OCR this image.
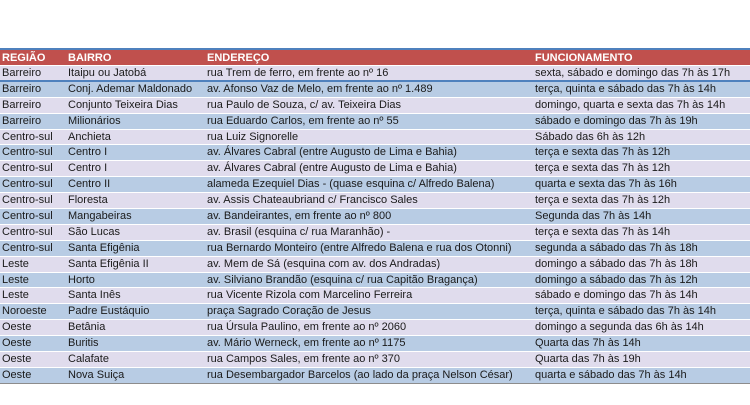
REGIÃO	BAIRRO	ENDEREÇO	FUNCIONAMENTO
Barreiro	Itaipu ou Jatobá	rua Trem de ferro, em frente ao nº 16	sexta, sábado e domingo das 7h às 17h
Barreiro	Conj. Ademar Maldonado	av. Afonso Vaz de Melo, em frente ao nº 1.489	terça, quinta e sábado das 7h às 14h
Barreiro	Conjunto Teixeira Dias	rua Paulo de Souza, c/ av. Teixeira Dias	domingo, quarta e sexta das 7h às 14h
Barreiro	Milionários	rua Eduardo Carlos, em frente ao nº 55	sábado e domingo das 7h às 19h
Centro-sul	Anchieta	rua Luiz Signorelle	Sábado das 6h às 12h
Centro-sul	Centro I	av. Álvares Cabral (entre Augusto de Lima e Bahia)	terça e sexta das 7h às 12h
Centro-sul	Centro I	av. Álvares Cabral (entre Augusto de Lima e Bahia)	terça e sexta das 7h às 12h
Centro-sul	Centro II	alameda Ezequiel Dias - (quase esquina c/ Alfredo Balena)	quarta e sexta das 7h às 16h
Centro-sul	Floresta	av. Assis Chateaubriand c/ Francisco Sales	terça e sexta das 7h às 12h
Centro-sul	Mangabeiras	av. Bandeirantes, em frente ao nº 800	Segunda das 7h às 14h
Centro-sul	São Lucas	av. Brasil (esquina c/ rua Maranhão) -	terça e sexta das 7h às 14h
Centro-sul	Santa Efigênia	rua Bernardo Monteiro (entre Alfredo Balena e rua dos Otonni)	segunda a sábado das 7h às 18h
Leste	Santa Efigênia II	av. Mem de Sá (esquina com av. dos Andradas)	domingo a sábado das 7h às 18h
Leste	Horto	av. Silviano Brandão (esquina c/ rua Capitão Bragança)	domingo a sábado das 7h às 12h
Leste	Santa Inês	rua Vicente Rizola com Marcelino Ferreira	sábado e domingo das 7h às 14h
Noroeste	Padre Eustáquio	praça Sagrado Coração de Jesus	terça, quinta e sábado das 7h às 14h
Oeste	Betânia	rua Úrsula Paulino, em frente ao nº 2060	domingo a segunda das 6h às 14h
Oeste	Buritis	av. Mário Werneck, em frente ao nº 1175	Quarta das 7h às 14h
Oeste	Calafate	rua Campos Sales, em frente ao nº 370	Quarta das 7h às 19h
Oeste	Nova Suiça	rua Desembargador Barcelos (ao lado da praça Nelson César)	quarta e sábado das 7h às 14h
